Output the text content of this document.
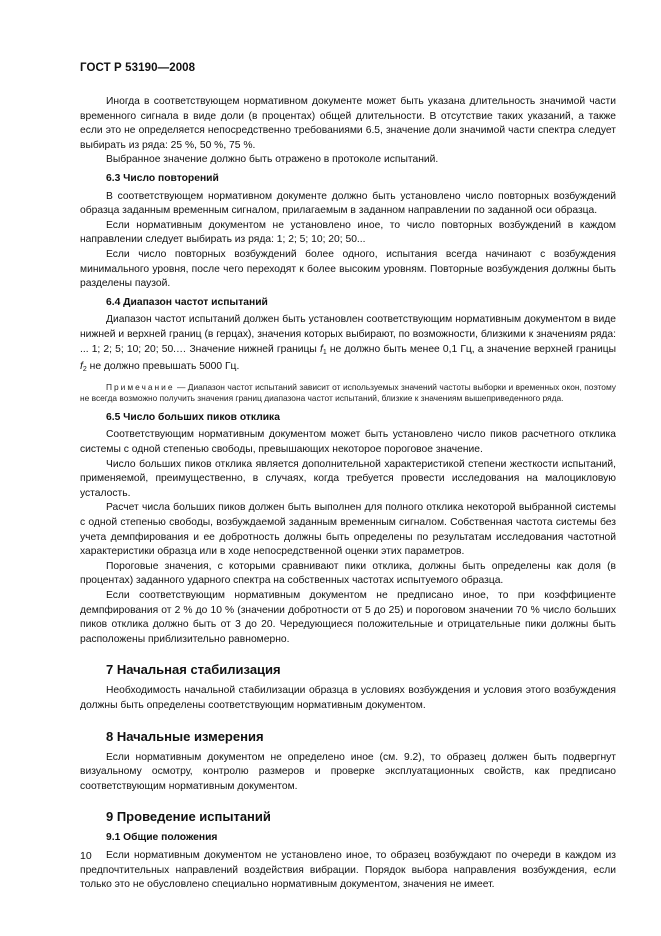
ГОСТ Р 53190—2008

Иногда в соответствующем нормативном документе может быть указана длительность значимой части временного сигнала в виде доли (в процентах) общей длительности. В отсутствие таких указаний, а также если это не определяется непосредственно требованиями 6.5, значение доли значимой части спектра следует выбирать из ряда: 25 %, 50 %, 75 %.

Выбранное значение должно быть отражено в протоколе испытаний.

6.3 Число повторений

В соответствующем нормативном документе должно быть установлено число повторных возбуждений образца заданным временным сигналом, прилагаемым в заданном направлении по заданной оси образца.

Если нормативным документом не установлено иное, то число повторных возбуждений в каждом направлении следует выбирать из ряда: 1; 2; 5; 10; 20; 50...

Если число повторных возбуждений более одного, испытания всегда начинают с возбуждения минимального уровня, после чего переходят к более высоким уровням. Повторные возбуждения должны быть разделены паузой.

6.4 Диапазон частот испытаний

Диапазон частот испытаний должен быть установлен соответствующим нормативным документом в виде нижней и верхней границ (в герцах), значения которых выбирают, по возможности, близкими к значениям ряда: ... 1; 2; 5; 10; 20; 50.… Значение нижней границы $f_1$ не должно быть менее 0,1 Гц, а значение верхней границы $f_2$ не должно превышать 5000 Гц.

Примечание — Диапазон частот испытаний зависит от используемых значений частоты выборки и временных окон, поэтому не всегда возможно получить значения границ диапазона частот испытаний, близкие к значениям вышеприведенного ряда.
6.5 Число больших пиков отклика

Соответствующим нормативным документом может быть установлено число пиков расчетного отклика системы с одной степенью свободы, превышающих некоторое пороговое значение.

Число больших пиков отклика является дополнительной характеристикой степени жесткости испытаний, применяемой, преимущественно, в случаях, когда требуется провести исследования на малоцикловую усталость.

Расчет числа больших пиков должен быть выполнен для полного отклика некоторой выбранной системы с одной степенью свободы, возбуждаемой заданным временным сигналом. Собственная частота системы без учета демпфирования и ее добротность должны быть определены по результатам исследования частотной характеристики образца или в ходе непосредственной оценки этих параметров.

Пороговые значения, с которыми сравнивают пики отклика, должны быть определены как доля (в процентах) заданного ударного спектра на собственных частотах испытуемого образца.

Если соответствующим нормативным документом не предписано иное, то при коэффициенте демпфирования от 2 % до 10 % (значении добротности от 5 до 25) и пороговом значении 70 % число больших пиков отклика должно быть от 3 до 20. Чередующиеся положительные и отрицательные пики должны быть расположены приблизительно равномерно.

7 Начальная стабилизация

Необходимость начальной стабилизации образца в условиях возбуждения и условия этого возбуждения должны быть определены соответствующим нормативным документом.

8 Начальные измерения

Если нормативным документом не определено иное (см. 9.2), то образец должен быть подвергнут визуальному осмотру, контролю размеров и проверке эксплуатационных свойств, как предписано соответствующим нормативным документом.

9 Проведение испытаний
9.1 Общие положения

Если нормативным документом не установлено иное, то образец возбуждают по очереди в каждом из предпочтительных направлений воздействия вибрации. Порядок выбора направления возбуждения, если только это не обусловлено специально нормативным документом, значения не имеет.

10
